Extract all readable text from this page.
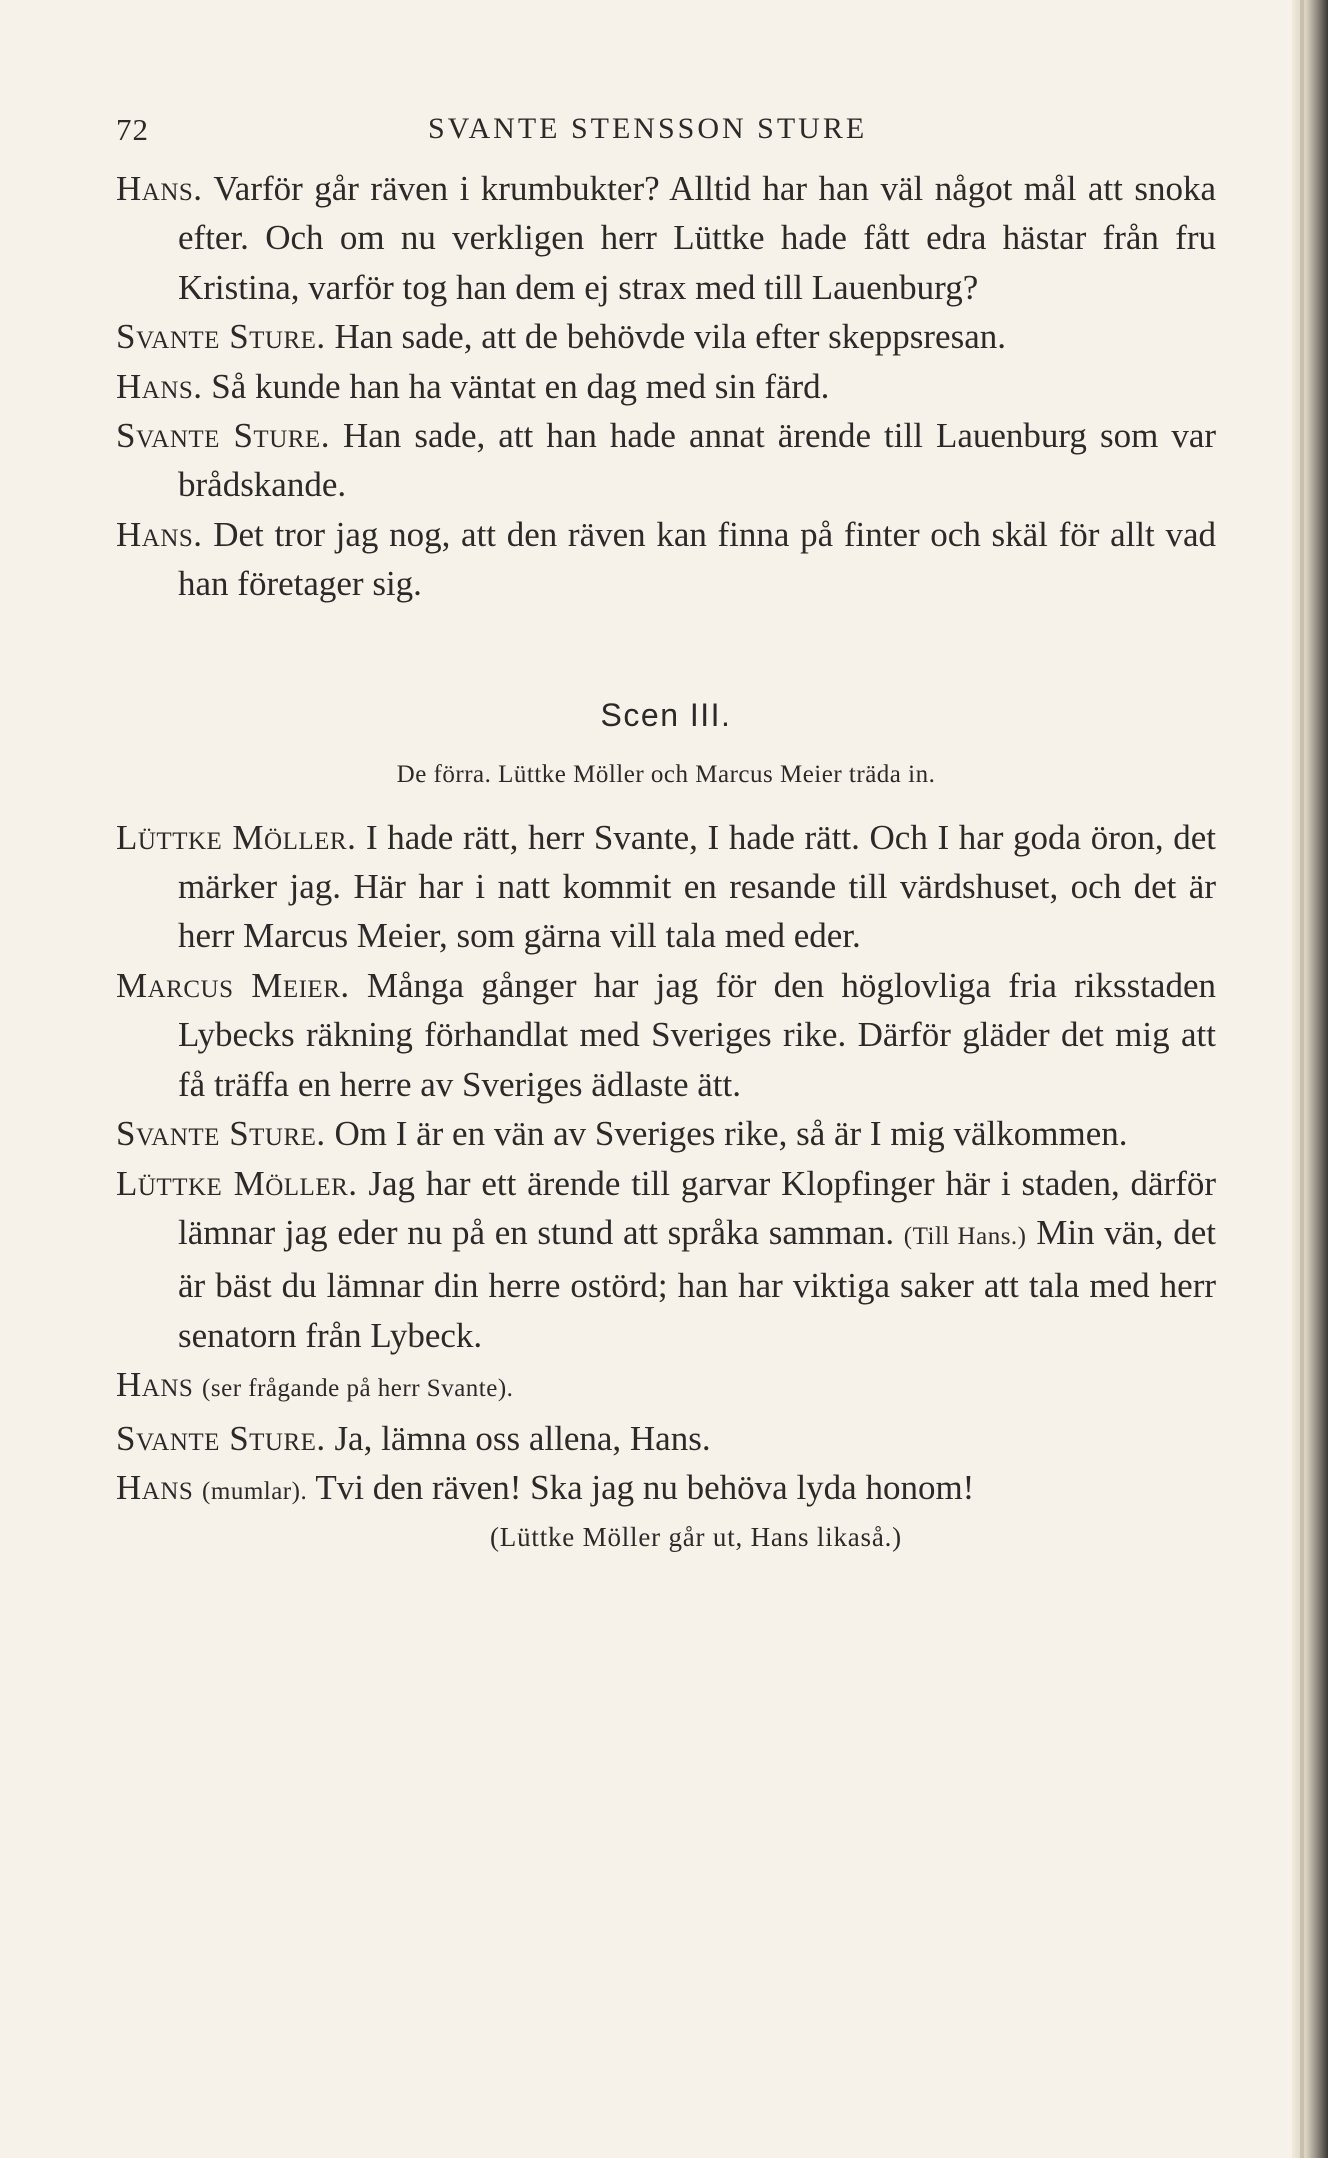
72	SVANTE STENSSON STURE

Hans. Varför går räven i krumbukter? Alltid har han väl något mål att snoka efter. Och om nu verkligen herr Lüttke hade fått edra hästar från fru Kristina, varför tog han dem ej strax med till Lauenburg?

Svante Sture. Han sade, att de behövde vila efter skeppsresan.

Hans. Så kunde han ha väntat en dag med sin färd.

Svante Sture. Han sade, att han hade annat ärende till Lauenburg som var brådskande.

Hans. Det tror jag nog, att den räven kan finna på finter och skäl för allt vad han företager sig.

Scen III.
De förra. Lüttke Möller och Marcus Meier träda in.

Lüttke Möller. I hade rätt, herr Svante, I hade rätt. Och I har goda öron, det märker jag. Här har i natt kommit en resande till värdshuset, och det är herr Marcus Meier, som gärna vill tala med eder.

Marcus Meier. Många gånger har jag för den höglovliga fria riksstaden Lybecks räkning förhandlat med Sveriges rike. Därför gläder det mig att få träffa en herre av Sveriges ädlaste ätt.

Svante Sture. Om I är en vän av Sveriges rike, så är I mig välkommen.

Lüttke Möller. Jag har ett ärende till garvar Klopfinger här i staden, därför lämnar jag eder nu på en stund att språka samman. (Till Hans.) Min vän, det är bäst du lämnar din herre ostörd; han har viktiga saker att tala med herr senatorn från Lybeck.

Hans (ser frågande på herr Svante).

Svante Sture. Ja, lämna oss allena, Hans.

Hans (mumlar). Tvi den räven! Ska jag nu behöva lyda honom!

(Lüttke Möller går ut, Hans likaså.)
